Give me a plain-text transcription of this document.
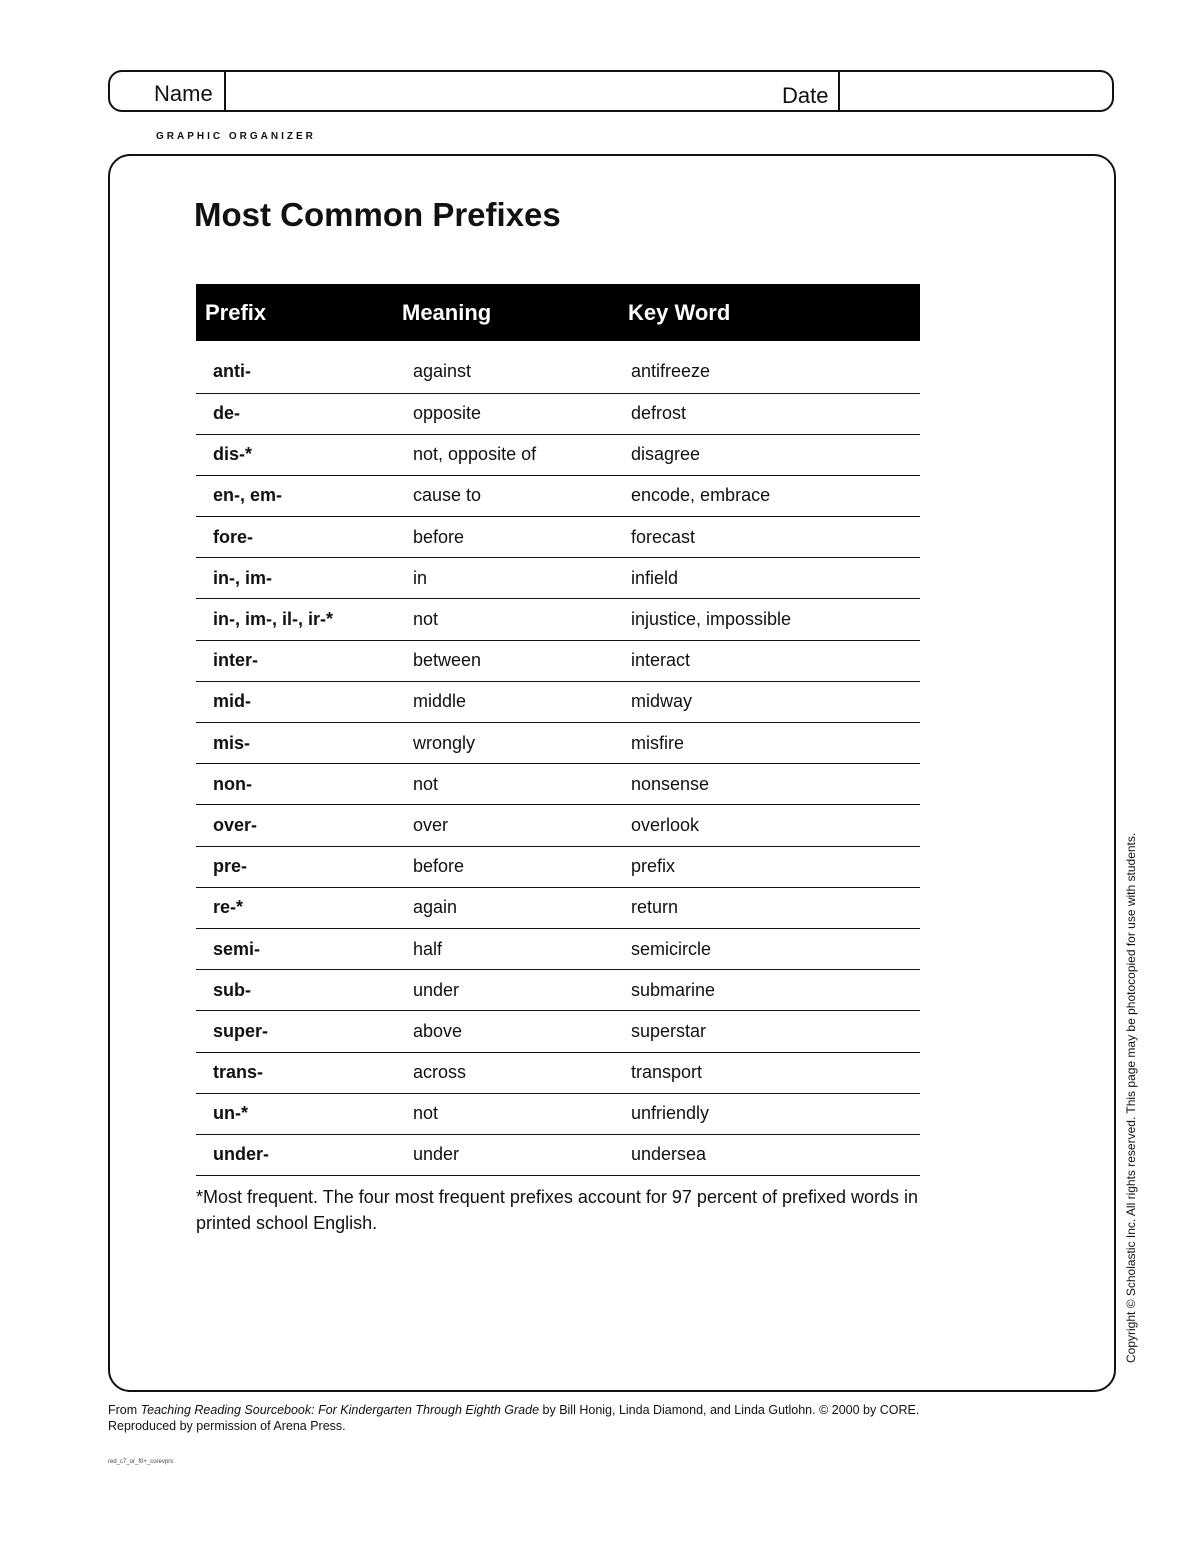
Name	Date
GRAPHIC ORGANIZER
Most Common Prefixes
Prefix	Meaning	Key Word
anti-	against	antifreeze
de-	opposite	defrost
dis-*	not, opposite of	disagree
en-, em-	cause to	encode, embrace
fore-	before	forecast
in-, im-	in	infield
in-, im-, il-, ir-*	not	injustice, impossible
inter-	between	interact
mid-	middle	midway
mis-	wrongly	misfire
non-	not	nonsense
over-	over	overlook
pre-	before	prefix
re-*	again	return
semi-	half	semicircle
sub-	under	submarine
super-	above	superstar
trans-	across	transport
un-*	not	unfriendly
under-	under	undersea

*Most frequent. The four most frequent prefixes account for 97 percent of prefixed words in printed school English.	Copyright © Scholastic Inc. All rights reserved. This page may be photocopied for use with students.

From Teaching Reading Sourcebook: For Kindergarten Through Eighth Grade by Bill Honig, Linda Diamond, and Linda Gutlohn. © 2000 by CORE.
Reproduced by permission of Arena Press.

red_c7_or_f0+_corevprs
